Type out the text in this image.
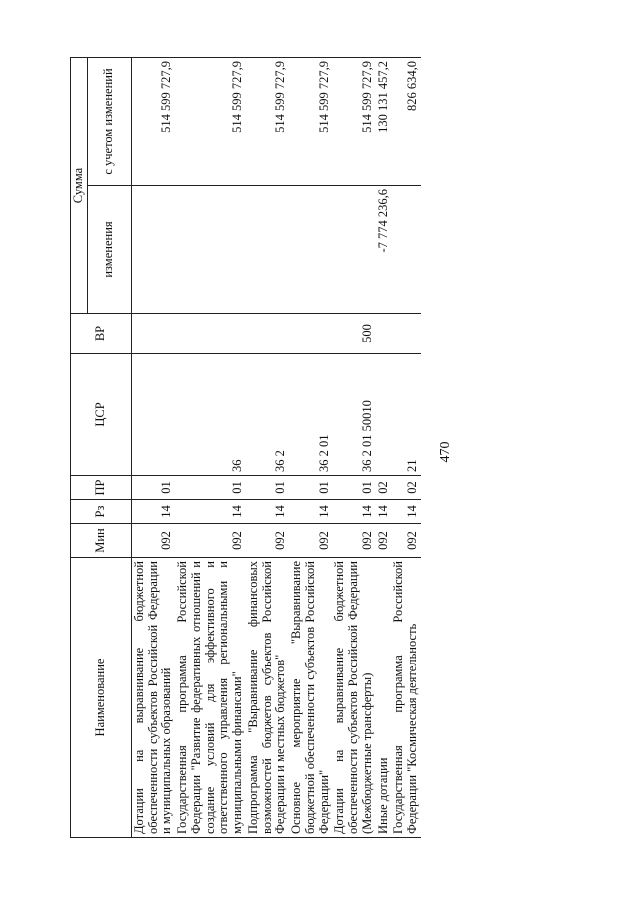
470
Наименование	Мин	Рз	ПР	ЦСР	ВР	Сумма	
						изменения	с учетом изменений
Дотации на выравнивание бюджетной обеспеченности субъектов Российской Федерации и муниципальных образований	092	14	01				514 599 727,9
Государственная программа Российской Федерации "Развитие федеративных отношений и создание условий для эффективного и ответственного управления региональными и муниципальными финансами"	092	14	01	36			514 599 727,9
Подпрограмма "Выравнивание финансовых возможностей бюджетов субъектов Российской Федерации и местных бюджетов"	092	14	01	36 2			514 599 727,9
Основное мероприятие "Выравнивание бюджетной обеспеченности субъектов Российской Федерации"	092	14	01	36 2 01			514 599 727,9
Дотации на выравнивание бюджетной обеспеченности субъектов Российской Федерации (Межбюджетные трансферты)	092	14	01	36 2 01 50010	500		514 599 727,9
Иные дотации	092	14	02			-7 774 236,6	130 131 457,2
Государственная программа Российской Федерации "Космическая деятельность	092	14	02	21			826 634,0
